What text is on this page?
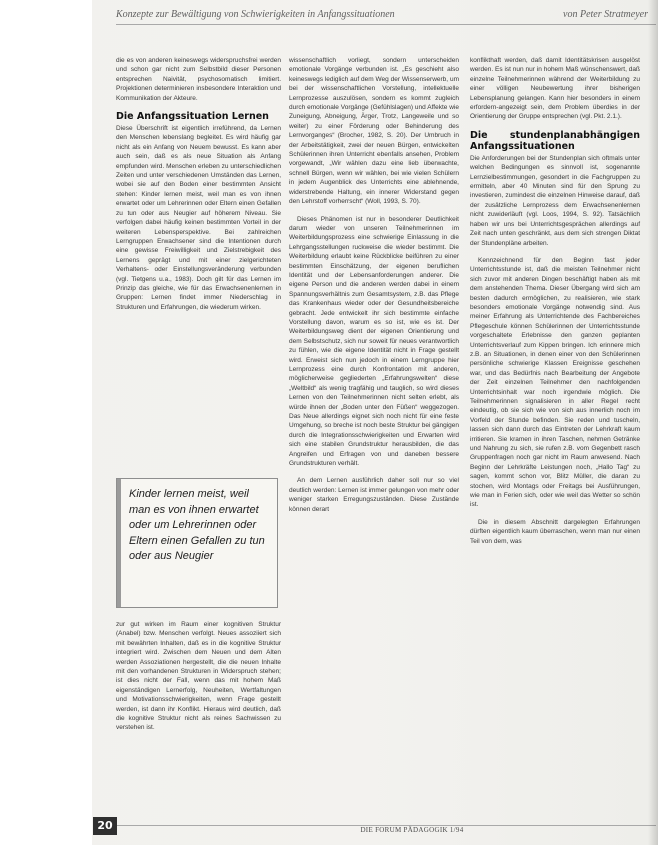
Konzepte zur Bewältigung von Schwierigkeiten in Anfangssituationen	von Peter Stratmeyer

die es von anderen keineswegs widerspruchsfrei werden und schon gar nicht zum Selbstbild dieser Personen entsprechen Naivität, psychosomatisch limitiert. Projektionen determinieren insbesondere Interaktion und Kommunikation der Akteure.

Die Anfangssituation Lernen

Diese Überschrift ist eigentlich irreführend, da Lernen den Menschen lebenslang begleitet. Es wird häufig gar nicht als ein Anfang von Neuem bewusst. Es kann aber auch sein, daß es als neue Situation als Anfang empfunden wird. Menschen erleben zu unterschiedlichen Zeiten und unter verschiedenen Umständen das Lernen, wobei sie auf den Boden einer bestimmten Ansicht stehen: Kinder lernen meist, weil man es von ihnen erwartet oder um Lehrerinnen oder Eltern einen Gefallen zu tun oder aus Neugier auf höherem Niveau. Sie verfolgen dabei häufig keinen bestimmten Vorteil in der weiteren Lebensperspektive. Bei zahlreichen Lerngruppen Erwachsener sind die Intentionen durch eine gewisse Freiwilligkeit und Zielstrebigkeit des Lernens geprägt und mit einer zielgerichteten Verhaltens- oder Einstellungsveränderung verbunden (vgl. Tietgens u.a., 1983). Doch gilt für das Lernen im Prinzip das gleiche, wie für das Erwachsenenlernen in Gruppen: Lernen findet immer Niederschlag in Strukturen und Erfahrungen, die wiederum wirken.

Kinder lernen meist, weil man es von ihnen erwartet oder um Lehrerinnen oder Eltern einen Gefallen zu tun oder aus Neugier

zur gut wirken im Raum einer kognitiven Struktur (Anabel) bzw. Menschen verfolgt. Neues assoziiert sich mit bewährten Inhalten, daß es in die kognitive Struktur integriert wird. Zwischen dem Neuen und dem Alten werden Assoziationen hergestellt, die die neuen Inhalte mit den vorhandenen Strukturen in Widerspruch stehen; ist dies nicht der Fall, wenn das mit hohem Maß eigenständigen Lernerfolg, Neuheiten, Wertfaltungen und Motivationsschwierigkeiten, wenn Frage gestellt werden, ist dann ihr Konflikt. Hieraus wird deutlich, daß die kognitive Struktur nicht als reines Sachwissen zu verstehen ist.

wissenschaftlich vorliegt, sondern unterscheiden emotionale Vorgänge verbunden ist. „Es geschieht also keineswegs lediglich auf dem Weg der Wissenserwerb, um bei der wissenschaftlichen Vorstellung, intellektuelle Lernprozesse auszulösen, sondern es kommt zugleich durch emotionale Vorgänge (Gefühlslagen) und Affekte wie Zuneigung, Abneigung, Ärger, Trotz, Langeweile und so weiter) zu einer Förderung oder Behinderung des Lernvorganges“ (Brocher, 1982, S. 20). Der Umbruch in der Arbeitstätigkeit, zwei der neuen Bürgen, entwickelten Schülerinnen ihren Unterricht ebenfalls ansehen, Problem vorgewandt, „Wir wählen dazu eine lieb überwachte, schnell Bürgen, wenn wir wählen, bei wie vielen Schülern in jedem Augenblick des Unterrichts eine ablehnende, widerstrebende Haltung, ein innerer Widerstand gegen den Lehrstoff vorherrscht“ (Woll, 1993, S. 70).

Dieses Phänomen ist nur in besonderer Deutlichkeit darum wieder von unseren Teilnehmerinnen im Weiterbildungsprozess eine schwierige Einlassung in die Lehrgangsstellungen ruckweise die wieder bestimmt. Die Weiterbildung erlaubt keine Rückblicke beiführen zu einer bestimmten Einschätzung, der eigenen beruflichen Identität und der Lebensanforderungen anderer. Die eigene Person und die anderen werden dabei in einem Spannungsverhältnis zum Gesamtsystem, z.B. das Pflege das Krankenhaus wieder oder der Gesundheitsbereiche gebracht. Jede entwickelt ihr sich bestimmte einfache Vorstellung davon, warum es so ist, wie es ist. Der Weiterbildungsweg dient der eigenen Orientierung und dem Selbstschutz, sich nur soweit für neues verantwortlich zu fühlen, wie die eigene Identität nicht in Frage gestellt wird. Erweist sich nun jedoch in einem Lerngruppe hier Lernprozess eine durch Konfrontation mit anderen, möglicherweise gegliederten „Erfahrungswelten“ diese „Weltbild“ als wenig tragfähig und tauglich, so wird dieses Lernen von den Teilnehmerinnen nicht selten erlebt, als würde ihnen der „Boden unter den Füßen“ weggezogen. Das Neue allerdings eignet sich noch nicht für eine feste Umgehung, so breche ist noch beste Struktur bei gängigen durch die Integrationsschwierigkeiten und Erwarten wird sich eine stabilen Grundstruktur herausbilden, die das Angreifen und Erfragen von und daneben bessere Grundstrukturen verhält.

An dem Lernen ausführlich daher soll nur so viel deutlich werden: Lernen ist immer gelungen von mehr oder weniger starken Erregungszuständen. Diese Zustände können derart

konflikthaft werden, daß damit Identitätskrisen ausgelöst werden. Es ist nun nur in hohem Maß wünschenswert, daß einzelne Teilnehmerinnen während der Weiterbildung zu einer völligen Neubewertung ihrer bisherigen Lebensplanung gelangen. Kann hier besonders in einem erfordern-angezeigt sein, dem Problem überdies in der Orientierung der Gruppe entsprechen (vgl. Pkt. 2.1.).

Die stundenplanabhängigen Anfangssituationen

Die Anforderungen bei der Stundenplan sich oftmals unter welchen Bedingungen es sinnvoll ist, sogenannte Lernzielbestimmungen, gesondert in die Fachgruppen zu ermitteln, aber 40 Minuten sind für den Sprung zu investieren, zumindest die einzelnen Hinweise darauf, daß der zusätzliche Lernprozess dem Erwachsenenlernen nicht zuwiderläuft (vgl. Loos, 1994, S. 92). Tatsächlich haben wir uns bei Unterrichtsgesprächen allerdings auf Zeit nach unten geschränkt, aus dem sich strengen Diktat der Stundenpläne arbeiten.

Kennzeichnend für den Beginn fast jeder Unterrichtsstunde ist, daß die meisten Teilnehmer nicht sich zuvor mit anderen Dingen beschäftigt haben als mit dem anstehenden Thema. Dieser Übergang wird sich am besten dadurch ermöglichen, zu realisieren, wie stark besonders emotionale Vorgänge notwendig sind. Aus meiner Erfahrung als Unterrichtende des Fachbereiches Pflegeschule können Schülerinnen der Unterrichtsstunde vorgeschaltete Erlebnisse den ganzen geplanten Unterrichtsverlauf zum Kippen bringen. Ich erinnere mich z.B. an Situationen, in denen einer von den Schülerinnen persönliche schwierige Klassen Ereignisse geschehen war, und das Bedürfnis nach Bearbeitung der Angebote der Zeit einzelnen Teilnehmer den nachfolgenden Unterrichtsinhalt war noch irgendwie möglich. Die Teilnehmerinnen signalisieren in aller Regel recht eindeutig, ob sie sich wie von sich aus innerlich noch im Vorfeld der Stunde befinden. Sie reden und tuscheln, lassen sich dann durch das Eintreten der Lehrkraft kaum irritieren. Sie kramen in ihren Taschen, nehmen Getränke und Nahrung zu sich, sie rufen z.B. vom Gegenbett rasch Gruppenfragen noch gar nicht im Raum anwesend. Nach Beginn der Lehrkräfte Leistungen noch, „Hallo Tag“ zu sagen, kommt schon vor, Blitz Müller, die daran zu stochen, wird Montags oder Freitags bei Ausführungen, wie man in Ferien sich, oder wie weil das Wetter so schön ist.

Die in diesem Abschnitt dargelegten Erfahrungen dürften eigentlich kaum überraschen, wenn man nur einen Teil von dem, was

20	DIE FORUM PÄDAGOGIK 1/94
